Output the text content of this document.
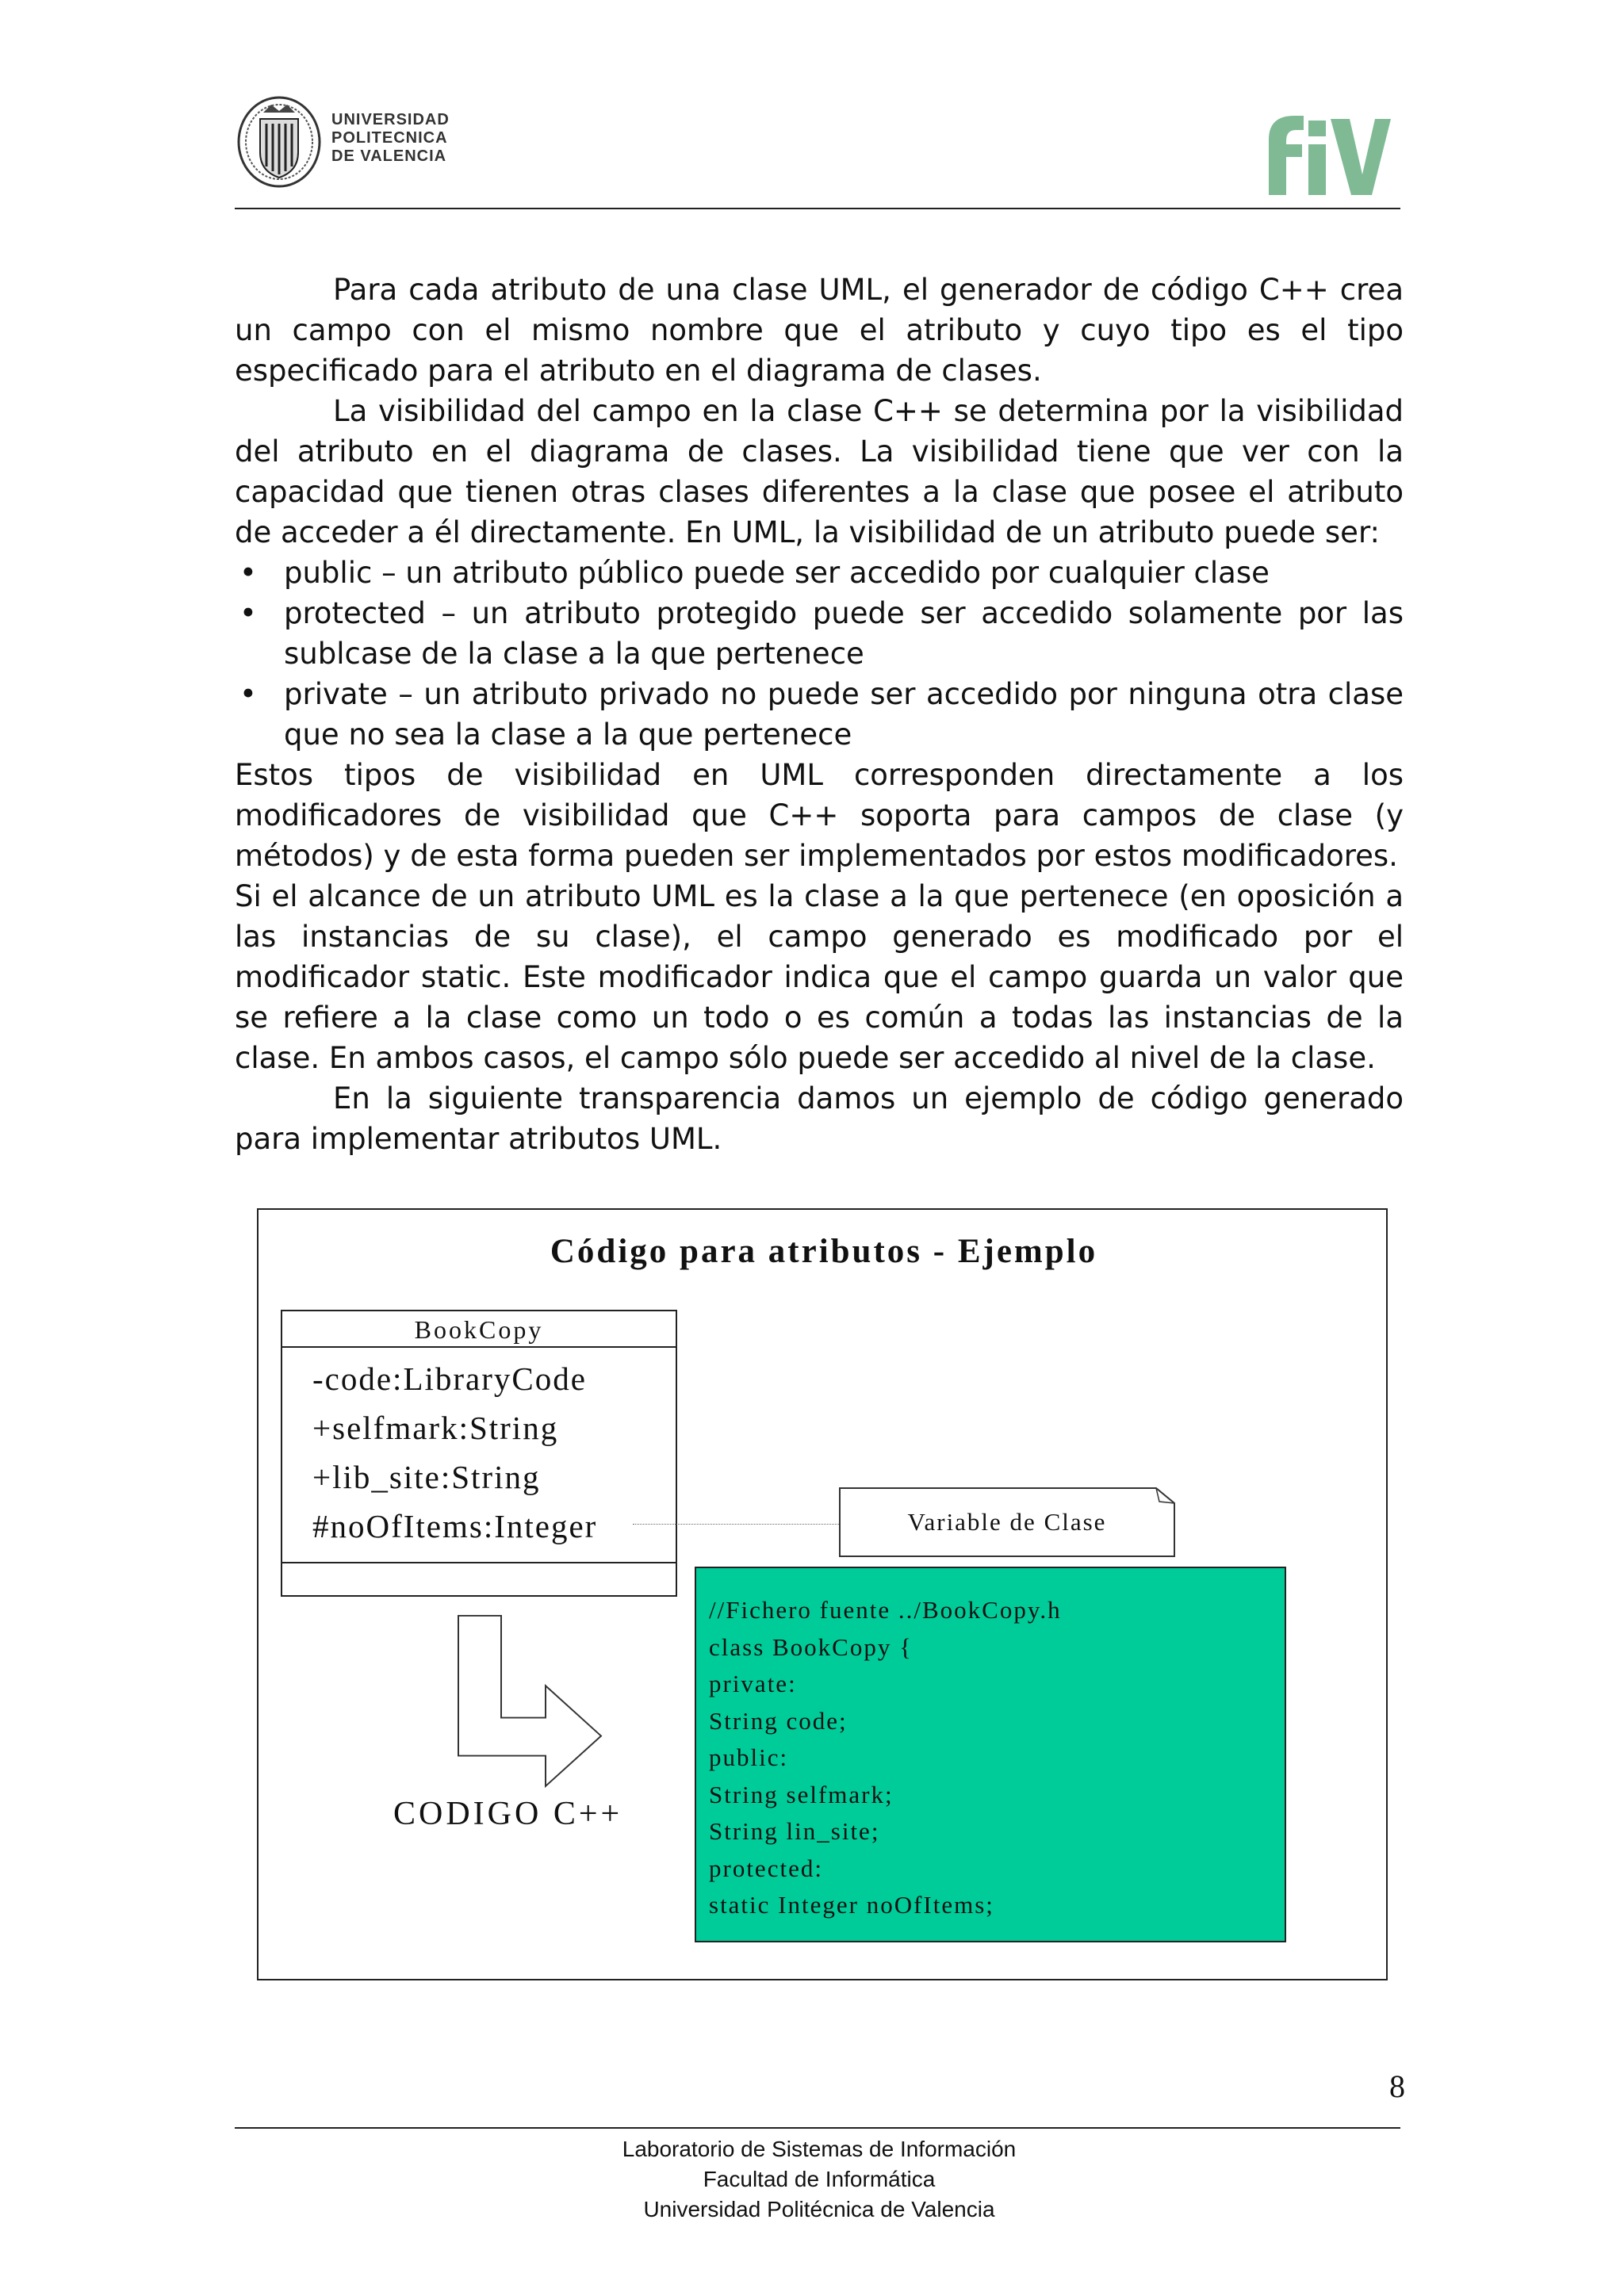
UNIVERSIDAD
POLITECNICA
DE VALENCIA

Para cada atributo de una clase UML, el generador de código C++ crea un campo con el mismo nombre que el atributo y cuyo tipo es el tipo especificado para el atributo en el diagrama de clases.

La visibilidad del campo en la clase C++ se determina por la visibilidad del atributo en el diagrama de clases. La visibilidad tiene que ver con la capacidad que tienen otras clases diferentes a la clase que posee el atributo de acceder a él directamente. En UML, la visibilidad de un atributo puede ser:

• public – un atributo público puede ser accedido por cualquier clase
• protected – un atributo protegido puede ser accedido solamente por las sublcase de la clase a la que pertenece
• private – un atributo privado no puede ser accedido por ninguna otra clase que no sea la clase a la que pertenece

Estos tipos de visibilidad en UML corresponden directamente a los modificadores de visibilidad que C++ soporta para campos de clase (y métodos) y de esta forma pueden ser implementados por estos modificadores.

Si el alcance de un atributo UML es la clase a la que pertenece (en oposición a las instancias de su clase), el campo generado es modificado por el modificador static. Este modificador indica que el campo guarda un valor que se refiere a la clase como un todo o es común a todas las instancias de la clase. En ambos casos, el campo sólo puede ser accedido al nivel de la clase.

En la siguiente transparencia damos un ejemplo de código generado para implementar atributos UML.

Código para atributos - Ejemplo
BookCopy
-code:LibraryCode
+selfmark:String
+lib_site:String
#noOfItems:Integer	Variable de Clase
CODIGO C++
//Fichero fuente ../BookCopy.h
class BookCopy {
private:
String code;
public:
String selfmark;
String lin_site;
protected:
static Integer noOfItems;
8
Laboratorio de Sistemas de Información
Facultad de Informática
Universidad Politécnica de Valencia
